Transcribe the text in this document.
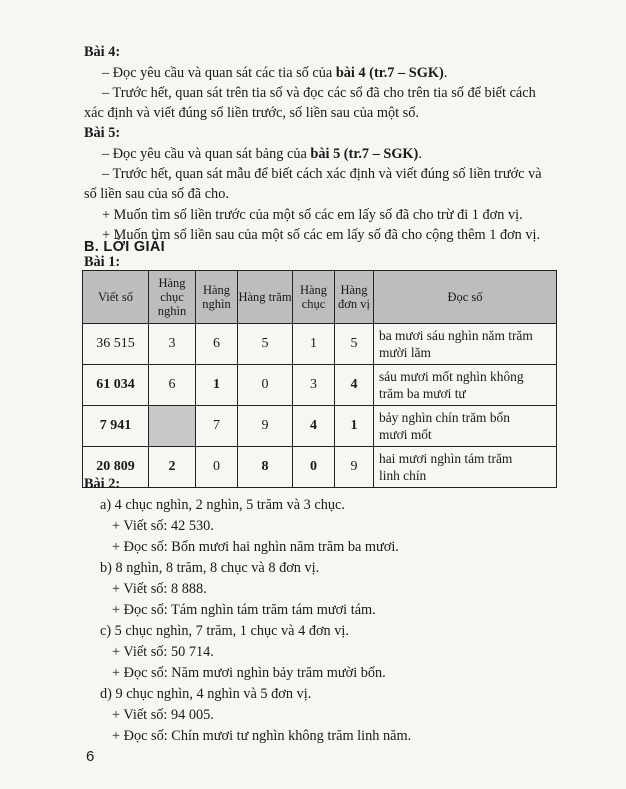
Bài 4:
– Đọc yêu cầu và quan sát các tia số của bài 4 (tr.7 – SGK).
– Trước hết, quan sát trên tia số và đọc các số đã cho trên tia số để biết cách
xác định và viết đúng số liền trước, số liền sau của một số.
Bài 5:
– Đọc yêu cầu và quan sát bảng của bài 5 (tr.7 – SGK).
– Trước hết, quan sát mẫu để biết cách xác định và viết đúng số liền trước và
số liền sau của số đã cho.
+ Muốn tìm số liền trước của một số các em lấy số đã cho trừ đi 1 đơn vị.
+ Muốn tìm số liền sau của một số các em lấy số đã cho cộng thêm 1 đơn vị.
B. LỜI GIẢI
Bài 1:
Viết số	Hàng chục nghìn	Hàng nghìn	Hàng trăm	Hàng chục	Hàng đơn vị	Đọc số
36 515	3	6	5	1	5	ba mươi sáu nghìn năm trăm
mười lăm
61 034	6	1	0	3	4	sáu mươi mốt nghìn không
trăm ba mươi tư
7 941		7	9	4	1	bảy nghìn chín trăm bốn
mươi mốt
20 809	2	0	8	0	9	hai mươi nghìn tám trăm
linh chín
Bài 2:
a) 4 chục nghìn, 2 nghìn, 5 trăm và 3 chục.
+ Viết số: 42 530.
+ Đọc số: Bốn mươi hai nghìn năm trăm ba mươi.
b) 8 nghìn, 8 trăm, 8 chục và 8 đơn vị.
+ Viết số: 8 888.
+ Đọc số: Tám nghìn tám trăm tám mươi tám.
c) 5 chục nghìn, 7 trăm, 1 chục và 4 đơn vị.
+ Viết số: 50 714.
+ Đọc số: Năm mươi nghìn bảy trăm mười bốn.
d) 9 chục nghìn, 4 nghìn và 5 đơn vị.
+ Viết số: 94 005.
+ Đọc số: Chín mươi tư nghìn không trăm linh năm.
6
